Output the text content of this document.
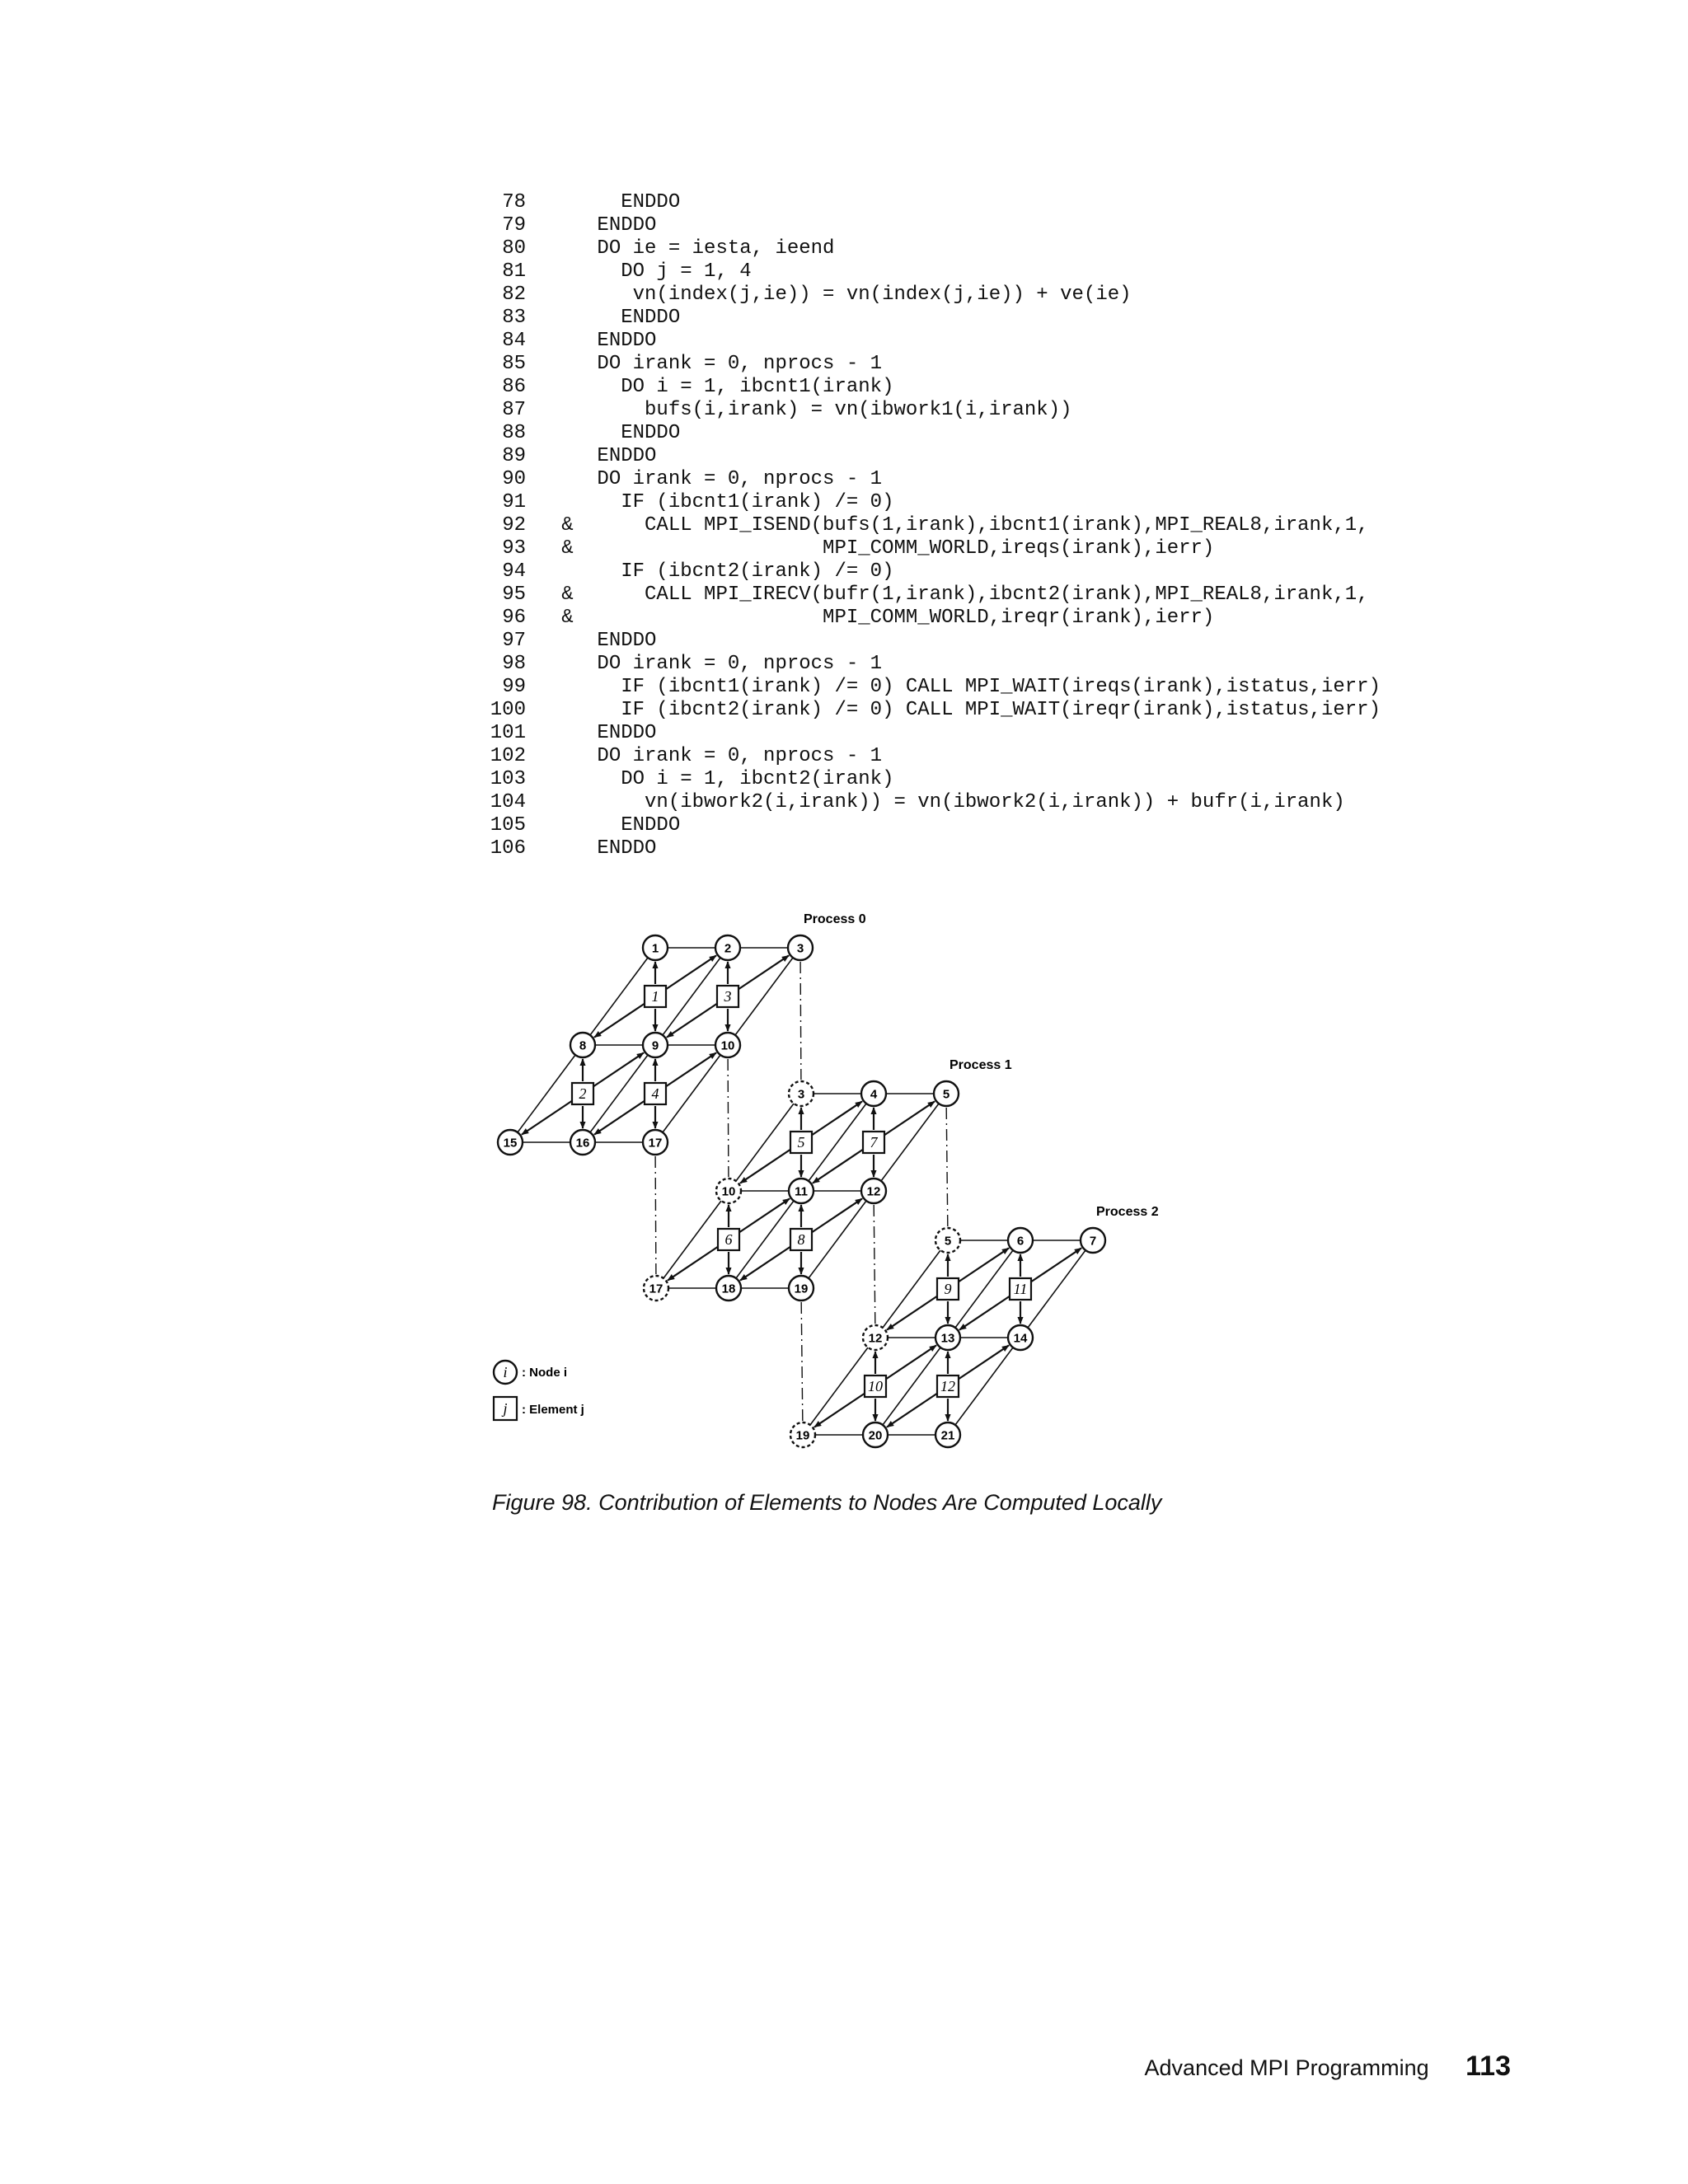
78        ENDDO
79      ENDDO
80      DO ie = iesta, ieend
81        DO j = 1, 4
82         vn(index(j,ie)) = vn(index(j,ie)) + ve(ie)
83        ENDDO
84      ENDDO
85      DO irank = 0, nprocs - 1
86        DO i = 1, ibcnt1(irank)
87          bufs(i,irank) = vn(ibwork1(i,irank))
88        ENDDO
89      ENDDO
90      DO irank = 0, nprocs - 1
91        IF (ibcnt1(irank) /= 0)
92   &      CALL MPI_ISEND(bufs(1,irank),ibcnt1(irank),MPI_REAL8,irank,1,
93   &                     MPI_COMM_WORLD,ireqs(irank),ierr)
94        IF (ibcnt2(irank) /= 0)
95   &      CALL MPI_IRECV(bufr(1,irank),ibcnt2(irank),MPI_REAL8,irank,1,
96   &                     MPI_COMM_WORLD,ireqr(irank),ierr)
97      ENDDO
98      DO irank = 0, nprocs - 1
99        IF (ibcnt1(irank) /= 0) CALL MPI_WAIT(ireqs(irank),istatus,ierr)
100        IF (ibcnt2(irank) /= 0) CALL MPI_WAIT(ireqr(irank),istatus,ierr)
101      ENDDO
102      DO irank = 0, nprocs - 1
103        DO i = 1, ibcnt2(irank)
104          vn(ibwork2(i,irank)) = vn(ibwork2(i,irank)) + bufr(i,irank)
105        ENDDO
106      ENDDO
1	3
2	4
1	2	3
8	9	10
15	16	17
Process 0
5	7
6	8
3	4	5
10	11	12
17	18	19
Process 1
9	11
10	12
5	6	7
12	13	14
19	20	21
Process 2
i : Node i
j : Element j
Figure 98. Contribution of Elements to Nodes Are Computed Locally
Advanced MPI Programming 113
